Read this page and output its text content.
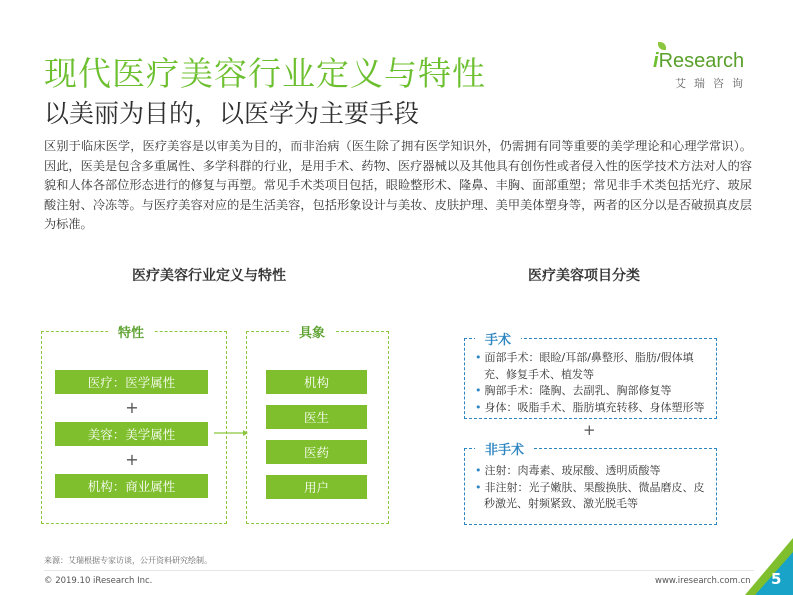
现代医疗美容行业定义与特性
以美丽为目的，以医学为主要手段
iResearch
艾瑞咨询

区别于临床医学，医疗美容是以审美为目的，而非治病（医生除了拥有医学知识外，仍需拥有同等重要的美学理论和心理学常识）。因此，医美是包含多重属性、多学科群的行业，是用手术、药物、医疗器械以及其他具有创伤性或者侵入性的医学技术方法对人的容貌和人体各部位形态进行的修复与再塑。常见手术类项目包括，眼睑整形术、隆鼻、丰胸、面部重塑；常见非手术类包括光疗、玻尿酸注射、冷冻等。与医疗美容对应的是生活美容，包括形象设计与美妆、皮肤护理、美甲美体塑身等，两者的区分以是否破损真皮层为标准。

医疗美容行业定义与特性	医疗美容项目分类
特性
医疗：医学属性
+
美容：美学属性
+
机构：商业属性
具象
机构
医生
医药
用户
手术
• 面部手术：眼睑/耳部/鼻整形、脂肪/假体填充、修复手术、植发等
• 胸部手术：隆胸、去副乳、胸部修复等
• 身体：吸脂手术、脂肪填充转移、身体塑形等
+
非手术
• 注射：肉毒素、玻尿酸、透明质酸等
• 非注射：光子嫩肤、果酸换肤、微晶磨皮、皮秒激光、射频紧致、激光脱毛等
来源：艾瑞根据专家访谈，公开资料研究绘制。
© 2019.10 iResearch Inc.	www.iresearch.com.cn 5
